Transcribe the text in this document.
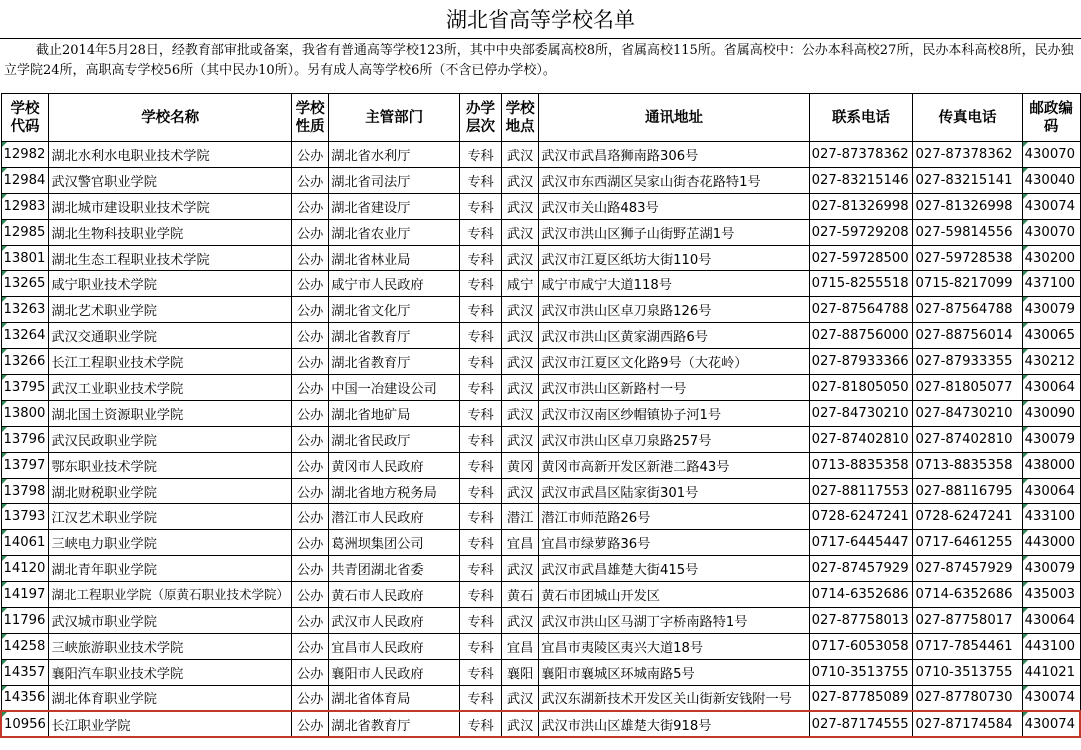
湖北省高等学校名单
截止2014年5月28日，经教育部审批或备案，我省有普通高等学校123所，其中中央部委属高校8所，省属高校115所。省属高校中：公办本科高校27所，民办本科高校8所，民办独立学院24所，高职高专学校56所（其中民办10所）。另有成人高等学校6所（不含已停办学校）。
学校代码	学校名称	学校性质	主管部门	办学层次	学校地点	通讯地址	联系电话	传真电话	邮政编码
12982	湖北水利水电职业技术学院	公办	湖北省水利厅	专科	武汉	武汉市武昌珞狮南路306号	027-87378362	027-87378362	430070
12984	武汉警官职业学院	公办	湖北省司法厅	专科	武汉	武汉市东西湖区吴家山街杏花路特1号	027-83215146	027-83215141	430040
12983	湖北城市建设职业技术学院	公办	湖北省建设厅	专科	武汉	武汉市关山路483号	027-81326998	027-81326998	430074
12985	湖北生物科技职业学院	公办	湖北省农业厅	专科	武汉	武汉市洪山区狮子山街野芷湖1号	027-59729208	027-59814556	430070
13801	湖北生态工程职业技术学院	公办	湖北省林业局	专科	武汉	武汉市江夏区纸坊大街110号	027-59728500	027-59728538	430200
13265	咸宁职业技术学院	公办	咸宁市人民政府	专科	咸宁	咸宁市咸宁大道118号	0715-8255518	0715-8217099	437100
13263	湖北艺术职业学院	公办	湖北省文化厅	专科	武汉	武汉市洪山区卓刀泉路126号	027-87564788	027-87564788	430079
13264	武汉交通职业学院	公办	湖北省教育厅	专科	武汉	武汉市洪山区黄家湖西路6号	027-88756000	027-88756014	430065
13266	长江工程职业技术学院	公办	湖北省教育厅	专科	武汉	武汉市江夏区文化路9号（大花岭）	027-87933366	027-87933355	430212
13795	武汉工业职业技术学院	公办	中国一冶建设公司	专科	武汉	武汉市洪山区新路村一号	027-81805050	027-81805077	430064
13800	湖北国土资源职业学院	公办	湖北省地矿局	专科	武汉	武汉市汉南区纱帽镇协子河1号	027-84730210	027-84730210	430090
13796	武汉民政职业学院	公办	湖北省民政厅	专科	武汉	武汉市洪山区卓刀泉路257号	027-87402810	027-87402810	430079
13797	鄂东职业技术学院	公办	黄冈市人民政府	专科	黄冈	黄冈市高新开发区新港二路43号	0713-8835358	0713-8835358	438000
13798	湖北财税职业学院	公办	湖北省地方税务局	专科	武汉	武汉市武昌区陆家街301号	027-88117553	027-88116795	430064
13793	江汉艺术职业学院	公办	潜江市人民政府	专科	潜江	潜江市师范路26号	0728-6247241	0728-6247241	433100
14061	三峡电力职业学院	公办	葛洲坝集团公司	专科	宜昌	宜昌市绿萝路36号	0717-6445447	0717-6461255	443000
14120	湖北青年职业学院	公办	共青团湖北省委	专科	武汉	武汉市武昌雄楚大街415号	027-87457929	027-87457929	430079
14197	湖北工程职业学院（原黄石职业技术学院）	公办	黄石市人民政府	专科	黄石	黄石市团城山开发区	0714-6352686	0714-6352686	435003
11796	武汉城市职业学院	公办	武汉市人民政府	专科	武汉	武汉市洪山区马湖丁字桥南路特1号	027-87758013	027-87758017	430064
14258	三峡旅游职业技术学院	公办	宜昌市人民政府	专科	宜昌	宜昌市夷陵区夷兴大道18号	0717-6053058	0717-7854461	443100
14357	襄阳汽车职业技术学院	公办	襄阳市人民政府	专科	襄阳	襄阳市襄城区环城南路5号	0710-3513755	0710-3513755	441021
14356	湖北体育职业学院	公办	湖北省体育局	专科	武汉	武汉东湖新技术开发区关山街新安钱附一号	027-87785089	027-87780730	430074
10956	长江职业学院	公办	湖北省教育厅	专科	武汉	武汉市洪山区雄楚大街918号	027-87174555	027-87174584	430074
